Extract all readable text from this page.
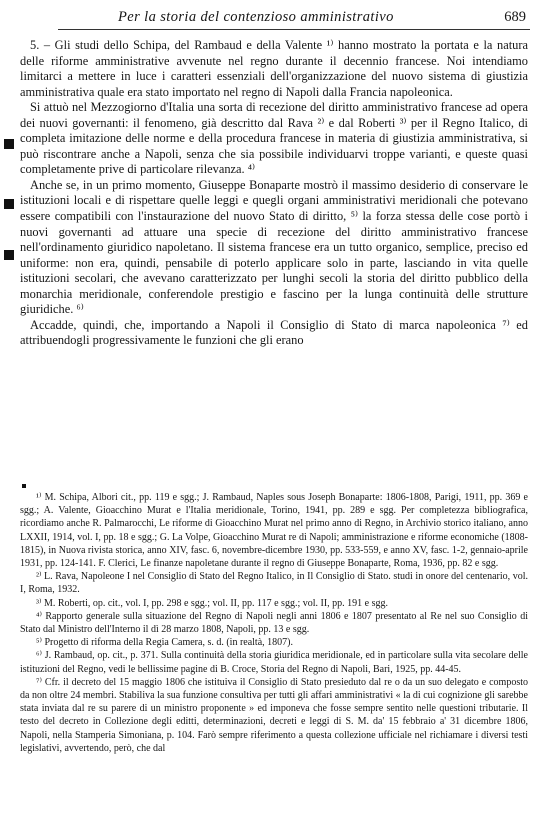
Per la storia del contenzioso amministrativo	689

5. – Gli studi dello Schipa, del Rambaud e della Valente ¹⁾ hanno mostrato la portata e la natura delle riforme amministrative avvenute nel regno durante il decennio francese. Noi intendiamo limitarci a mettere in luce i caratteri essenziali dell'organizzazione del nuovo sistema di giustizia amministrativa quale era stato importato nel regno di Napoli dalla Francia napoleonica.

Si attuò nel Mezzogiorno d'Italia una sorta di recezione del diritto amministrativo francese ad opera dei nuovi governanti: il fenomeno, già descritto dal Rava ²⁾ e dal Roberti ³⁾ per il Regno Italico, di completa imitazione delle norme e della procedura francese in materia di giustizia amministrativa, si può riscontrare anche a Napoli, senza che sia possibile individuarvi troppe varianti, e queste quasi completamente prive di particolare rilevanza. ⁴⁾

Anche se, in un primo momento, Giuseppe Bonaparte mostrò il massimo desiderio di conservare le istituzioni locali e di rispettare quelle leggi e quegli organi amministrativi meridionali che potevano essere compatibili con l'instaurazione del nuovo Stato di diritto, ⁵⁾ la forza stessa delle cose portò i nuovi governanti ad attuare una specie di recezione del diritto amministrativo francese nell'ordinamento giuridico napoletano. Il sistema francese era un tutto organico, semplice, preciso ed uniforme: non era, quindi, pensabile di poterlo applicare solo in parte, lasciando in vita quelle istituzioni secolari, che avevano caratterizzato per lunghi secoli la storia del diritto pubblico della monarchia meridionale, conferendole prestigio e fascino per la lunga continuità delle strutture giuridiche. ⁶⁾

Accadde, quindi, che, importando a Napoli il Consiglio di Stato di marca napoleonica ⁷⁾ ed attribuendogli progressivamente le funzioni che gli erano

¹⁾ M. Schipa, Albori cit., pp. 119 e sgg.; J. Rambaud, Naples sous Joseph Bonaparte: 1806-1808, Parigi, 1911, pp. 369 e sgg.; A. Valente, Gioacchino Murat e l'Italia meridionale, Torino, 1941, pp. 289 e sgg. Per completezza bibliografica, ricordiamo anche R. Palmarocchi, Le riforme di Gioacchino Murat nel primo anno di Regno, in Archivio storico italiano, anno LXXII, 1914, vol. I, pp. 18 e sgg.; G. La Volpe, Gioacchino Murat re di Napoli; amministrazione e riforme economiche (1808-1815), in Nuova rivista storica, anno XIV, fasc. 6, novembre-dicembre 1930, pp. 533-559, e anno XV, fasc. 1-2, gennaio-aprile 1931, pp. 124-141. F. Clerici, Le finanze napoletane durante il regno di Giuseppe Bonaparte, Roma, 1936, pp. 82 e sgg.

²⁾ L. Rava, Napoleone I nel Consiglio di Stato del Regno Italico, in Il Consiglio di Stato. studi in onore del centenario, vol. I, Roma, 1932.

³⁾ M. Roberti, op. cit., vol. I, pp. 298 e sgg.; vol. II, pp. 117 e sgg.; vol. II, pp. 191 e sgg.

⁴⁾ Rapporto generale sulla situazione del Regno di Napoli negli anni 1806 e 1807 presentato al Re nel suo Consiglio di Stato dal Ministro dell'Interno il dì 28 marzo 1808, Napoli, pp. 13 e sgg.

⁵⁾ Progetto di riforma della Regia Camera, s. d. (in realtà, 1807).

⁶⁾ J. Rambaud, op. cit., p. 371. Sulla continuità della storia giuridica meridionale, ed in particolare sulla vita secolare delle istituzioni del Regno, vedi le bellissime pagine di B. Croce, Storia del Regno di Napoli, Bari, 1925, pp. 44-45.

⁷⁾ Cfr. il decreto del 15 maggio 1806 che istituiva il Consiglio di Stato presieduto dal re o da un suo delegato e composto da non oltre 24 membri. Stabiliva la sua funzione consultiva per tutti gli affari amministrativi « la di cui cognizione gli sarebbe stata inviata dal re su parere di un ministro proponente » ed imponeva che fosse sempre sentito nelle questioni tributarie. Il testo del decreto in Collezione degli editti, determinazioni, decreti e leggi di S. M. da' 15 febbraio a' 31 dicembre 1806, Napoli, nella Stamperia Simoniana, p. 104. Farò sempre riferimento a questa collezione ufficiale nel richiamare i diversi testi legislativi, avvertendo, però, che dal
